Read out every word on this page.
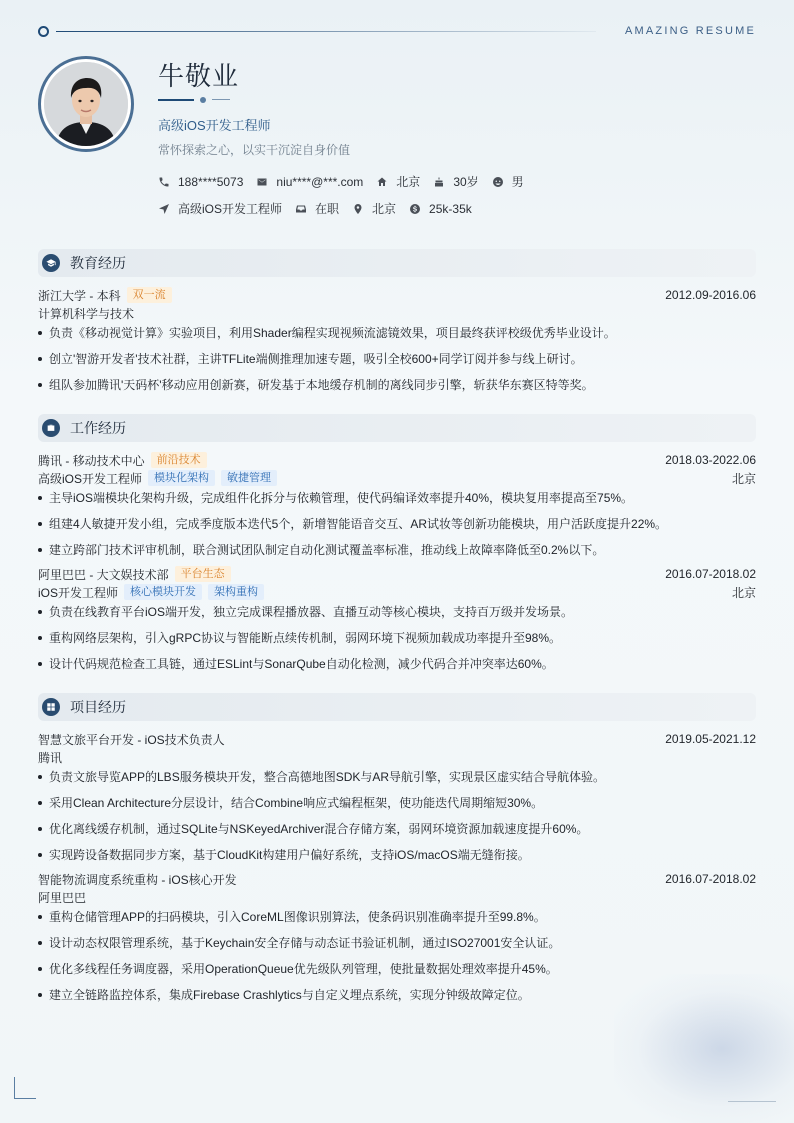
AMAZING RESUME
牛敬业
高级iOS开发工程师
常怀探索之心，以实干沉淀自身价值
188****5073	niu****@***.com	北京	30岁	男
高级iOS开发工程师	在职	北京	25k-35k
教育经历
浙江大学 - 本科	双一流	2012.09-2016.06
计算机科学与技术
负责《移动视觉计算》实验项目，利用Shader编程实现视频流滤镜效果，项目最终获评校级优秀毕业设计。
创立'智游开发者'技术社群，主讲TFLite端侧推理加速专题，吸引全校600+同学订阅并参与线上研讨。
组队参加腾讯'天码杯'移动应用创新赛，研发基于本地缓存机制的离线同步引擎，斩获华东赛区特等奖。
工作经历
腾讯 - 移动技术中心	前沿技术	2018.03-2022.06
高级iOS开发工程师	模块化架构	敏捷管理	北京
主导iOS端模块化架构升级，完成组件化拆分与依赖管理，使代码编译效率提升40%，模块复用率提高至75%。
组建4人敏捷开发小组，完成季度版本迭代5个，新增智能语音交互、AR试妆等创新功能模块，用户活跃度提升22%。
建立跨部门技术评审机制，联合测试团队制定自动化测试覆盖率标准，推动线上故障率降低至0.2%以下。
阿里巴巴 - 大文娱技术部	平台生态	2016.07-2018.02
iOS开发工程师	核心模块开发	架构重构	北京
负责在线教育平台iOS端开发，独立完成课程播放器、直播互动等核心模块，支持百万级并发场景。
重构网络层架构，引入gRPC协议与智能断点续传机制，弱网环境下视频加载成功率提升至98%。
设计代码规范检查工具链，通过ESLint与SonarQube自动化检测，减少代码合并冲突率达60%。
项目经历
智慧文旅平台开发 - iOS技术负责人	2019.05-2021.12
腾讯
负责文旅导览APP的LBS服务模块开发，整合高德地图SDK与AR导航引擎，实现景区虚实结合导航体验。
采用Clean Architecture分层设计，结合Combine响应式编程框架，使功能迭代周期缩短30%。
优化离线缓存机制，通过SQLite与NSKeyedArchiver混合存储方案，弱网环境资源加载速度提升60%。
实现跨设备数据同步方案，基于CloudKit构建用户偏好系统，支持iOS/macOS端无缝衔接。
智能物流调度系统重构 - iOS核心开发	2016.07-2018.02
阿里巴巴
重构仓储管理APP的扫码模块，引入CoreML图像识别算法，使条码识别准确率提升至99.8%。
设计动态权限管理系统，基于Keychain安全存储与动态证书验证机制，通过ISO27001安全认证。
优化多线程任务调度器，采用OperationQueue优先级队列管理，使批量数据处理效率提升45%。
建立全链路监控体系，集成Firebase Crashlytics与自定义埋点系统，实现分钟级故障定位。
